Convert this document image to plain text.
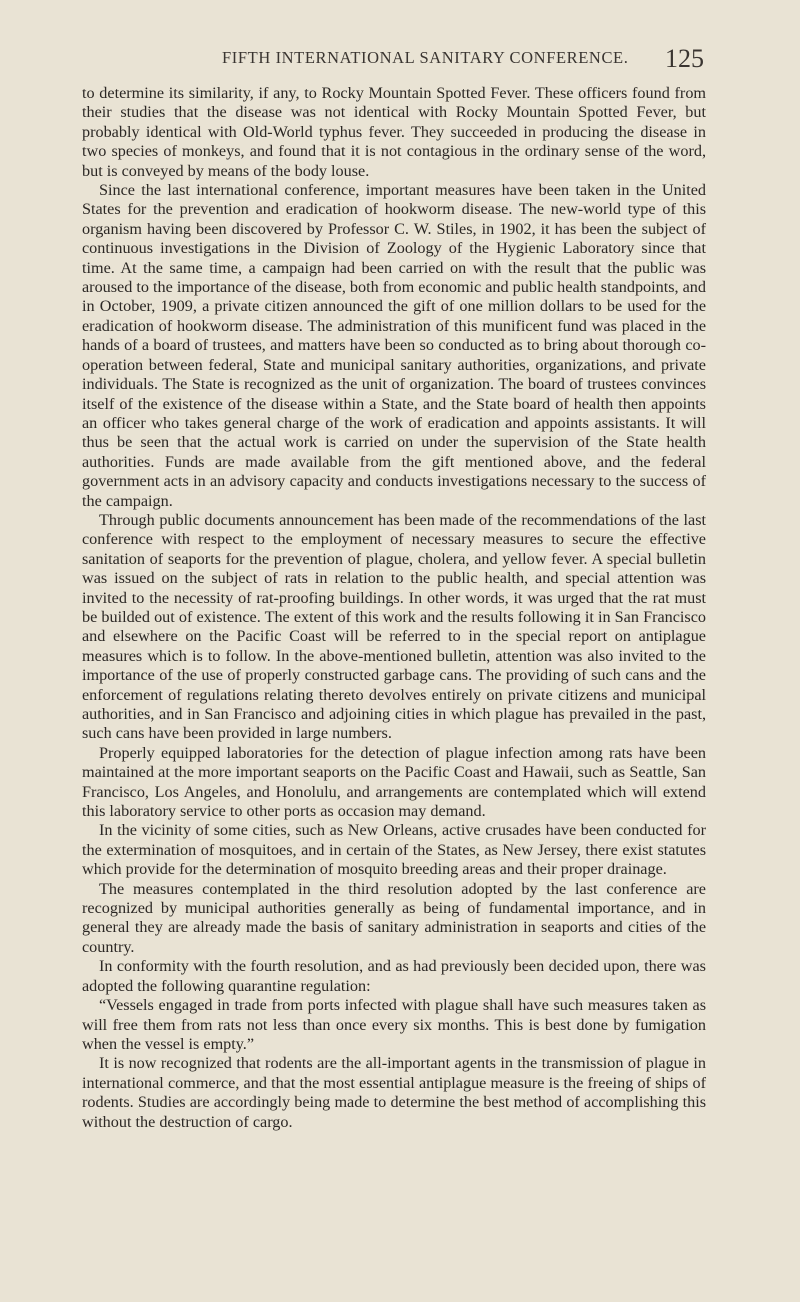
FIFTH INTERNATIONAL SANITARY CONFERENCE. 125

to determine its similarity, if any, to Rocky Mountain Spotted Fever. These officers found from their studies that the disease was not identical with Rocky Mountain Spotted Fever, but probably identical with Old-World typhus fever. They succeeded in producing the disease in two species of monkeys, and found that it is not contagious in the ordinary sense of the word, but is conveyed by means of the body louse.

Since the last international conference, important measures have been taken in the United States for the prevention and eradication of hookworm disease. The new-world type of this organism having been discovered by Professor C. W. Stiles, in 1902, it has been the subject of continuous investigations in the Division of Zoology of the Hygienic Laboratory since that time. At the same time, a campaign had been carried on with the result that the public was aroused to the importance of the disease, both from economic and public health standpoints, and in October, 1909, a private citizen announced the gift of one million dollars to be used for the eradication of hookworm disease. The administration of this munificent fund was placed in the hands of a board of trustees, and matters have been so conducted as to bring about thorough co-operation between federal, State and municipal sanitary authorities, organizations, and private individuals. The State is recognized as the unit of organization. The board of trustees convinces itself of the existence of the disease within a State, and the State board of health then appoints an officer who takes general charge of the work of eradication and appoints assistants. It will thus be seen that the actual work is carried on under the supervision of the State health authorities. Funds are made available from the gift mentioned above, and the federal government acts in an advisory capacity and conducts investigations necessary to the success of the campaign.

Through public documents announcement has been made of the recommendations of the last conference with respect to the employment of necessary measures to secure the effective sanitation of seaports for the prevention of plague, cholera, and yellow fever. A special bulletin was issued on the subject of rats in relation to the public health, and special attention was invited to the necessity of rat-proofing buildings. In other words, it was urged that the rat must be builded out of existence. The extent of this work and the results following it in San Francisco and elsewhere on the Pacific Coast will be referred to in the special report on antiplague measures which is to follow. In the above-mentioned bulletin, attention was also invited to the importance of the use of properly constructed garbage cans. The providing of such cans and the enforcement of regulations relating thereto devolves entirely on private citizens and municipal authorities, and in San Francisco and adjoining cities in which plague has prevailed in the past, such cans have been provided in large numbers.

Properly equipped laboratories for the detection of plague infection among rats have been maintained at the more important seaports on the Pacific Coast and Hawaii, such as Seattle, San Francisco, Los Angeles, and Honolulu, and arrangements are contemplated which will extend this laboratory service to other ports as occasion may demand.

In the vicinity of some cities, such as New Orleans, active crusades have been conducted for the extermination of mosquitoes, and in certain of the States, as New Jersey, there exist statutes which provide for the determination of mosquito breeding areas and their proper drainage.

The measures contemplated in the third resolution adopted by the last conference are recognized by municipal authorities generally as being of fundamental importance, and in general they are already made the basis of sanitary administration in seaports and cities of the country.

In conformity with the fourth resolution, and as had previously been decided upon, there was adopted the following quarantine regulation:

“Vessels engaged in trade from ports infected with plague shall have such measures taken as will free them from rats not less than once every six months. This is best done by fumigation when the vessel is empty.”

It is now recognized that rodents are the all-important agents in the transmission of plague in international commerce, and that the most essential antiplague measure is the freeing of ships of rodents. Studies are accordingly being made to determine the best method of accomplishing this without the destruction of cargo.
